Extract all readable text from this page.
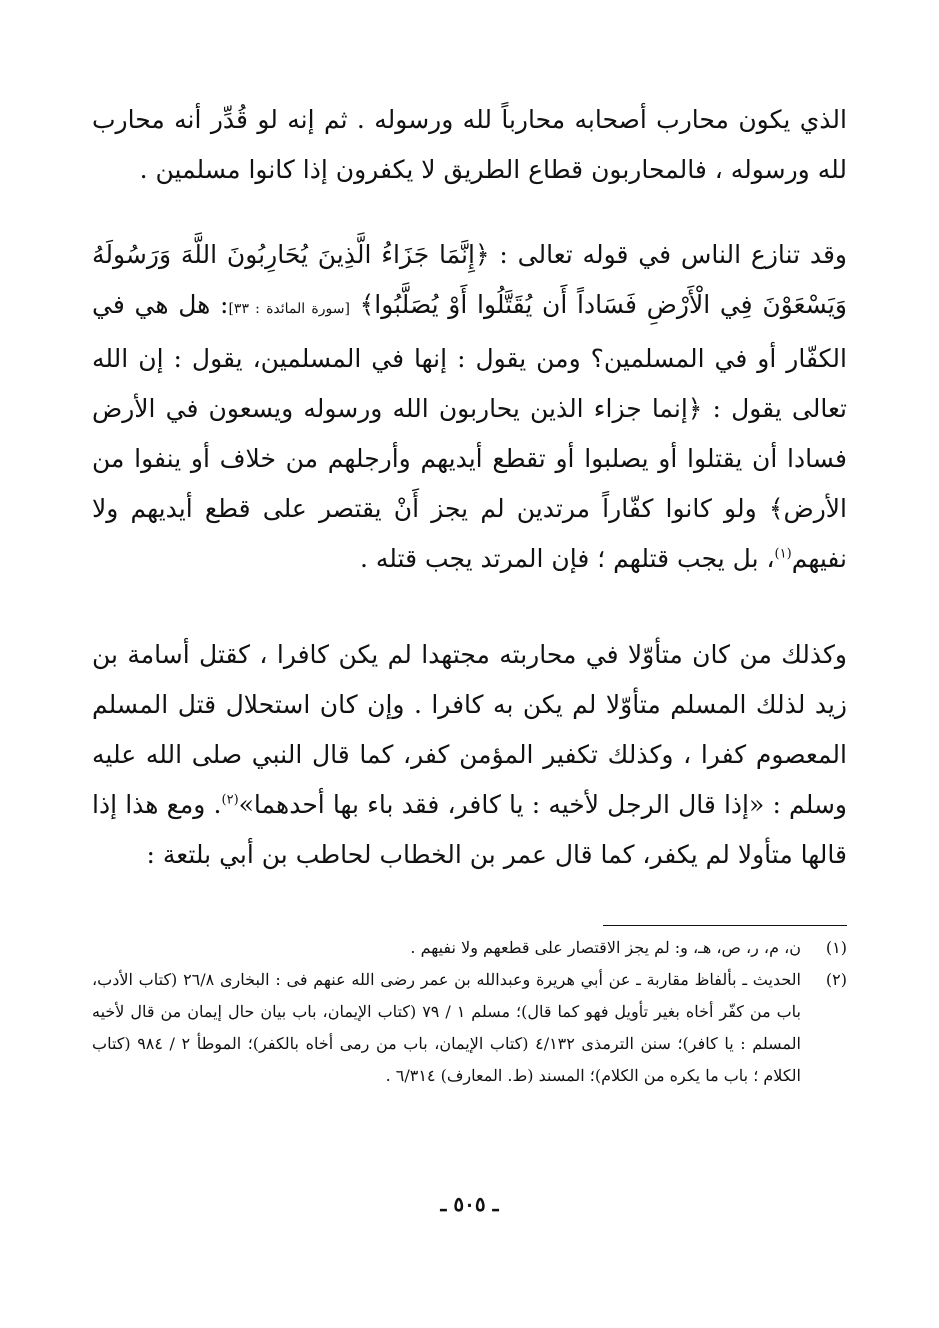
الذي يكون محارب أصحابه محارباً لله ورسوله . ثم إنه لو قُدِّر أنه محارب لله ورسوله ، فالمحاربون قطاع الطريق لا يكفرون إذا كانوا مسلمين .

وقد تنازع الناس في قوله تعالى : ﴿إِنَّمَا جَزَاءُ الَّذِينَ يُحَارِبُونَ اللَّهَ وَرَسُولَهُ وَيَسْعَوْنَ فِي الْأَرْضِ فَسَاداً أَن يُقَتَّلُوا أَوْ يُصَلَّبُوا﴾ [سورة المائدة : ٣٣]: هل هي في الكفّار أو في المسلمين؟ ومن يقول : إنها في المسلمين، يقول : إن الله تعالى يقول : ﴿إنما جزاء الذين يحاربون الله ورسوله ويسعون في الأرض فسادا أن يقتلوا أو يصلبوا أو تقطع أيديهم وأرجلهم من خلاف أو ينفوا من الأرض﴾ ولو كانوا كفّاراً مرتدين لم يجز أَنْ يقتصر على قطع أيديهم ولا نفيهم$^{(١)}$، بل يجب قتلهم ؛ فإن المرتد يجب قتله .

وكذلك من كان متأوّلا في محاربته مجتهدا لم يكن كافرا ، كقتل أسامة بن زيد لذلك المسلم متأوّلا لم يكن به كافرا . وإن كان استحلال قتل المسلم المعصوم كفرا ، وكذلك تكفير المؤمن كفر، كما قال النبي صلى الله عليه وسلم : «إذا قال الرجل لأخيه : يا كافر، فقد باء بها أحدهما»$^{(٢)}$. ومع هذا إذا قالها متأولا لم يكفر، كما قال عمر بن الخطاب لحاطب بن أبي بلتعة :

(١)
ن، م، ر، ص، هـ، و: لم يجز الاقتصار على قطعهم ولا نفيهم .
(٢)
الحديث ـ بألفاظ مقاربة ـ عن أبي هريرة وعبدالله بن عمر رضى الله عنهم فى : البخارى ٢٦/٨ (كتاب الأدب، باب من كفّر أخاه بغير تأويل فهو كما قال)؛ مسلم ١ / ٧٩ (كتاب الإيمان، باب بيان حال إيمان من قال لأخيه المسلم : يا كافر)؛ سنن الترمذى ٤/١٣٢ (كتاب الإيمان، باب من رمى أخاه بالكفر)؛ الموطأ ٢ / ٩٨٤ (كتاب الكلام ؛ باب ما يكره من الكلام)؛ المسند (ط. المعارف) ٦/٣١٤ .
ـ ٥٠٥ ـ
